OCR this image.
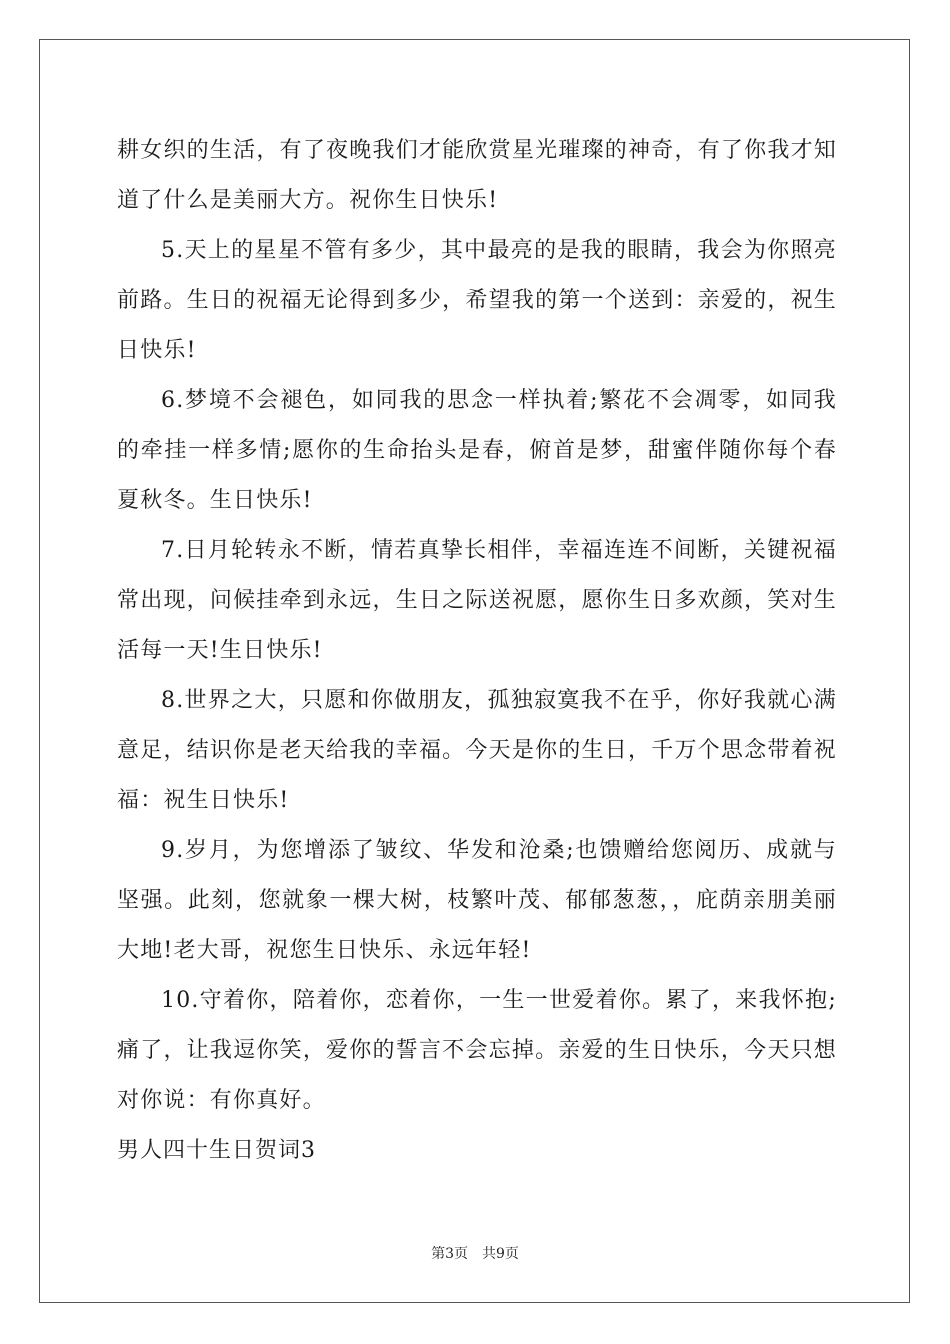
耕女织的生活，有了夜晚我们才能欣赏星光璀璨的神奇，有了你我才知道了什么是美丽大方。祝你生日快乐!

5.天上的星星不管有多少，其中最亮的是我的眼睛，我会为你照亮前路。生日的祝福无论得到多少，希望我的第一个送到：亲爱的，祝生日快乐!

6.梦境不会褪色，如同我的思念一样执着;繁花不会凋零，如同我的牵挂一样多情;愿你的生命抬头是春，俯首是梦，甜蜜伴随你每个春夏秋冬。生日快乐!

7.日月轮转永不断，情若真挚长相伴，幸福连连不间断，关键祝福常出现，问候挂牵到永远，生日之际送祝愿，愿你生日多欢颜，笑对生活每一天!生日快乐!

8.世界之大，只愿和你做朋友，孤独寂寞我不在乎，你好我就心满意足，结识你是老天给我的幸福。今天是你的生日，千万个思念带着祝福：祝生日快乐!

9.岁月，为您增添了皱纹、华发和沧桑;也馈赠给您阅历、成就与坚强。此刻，您就象一棵大树，枝繁叶茂、郁郁葱葱，，庇荫亲朋美丽大地!老大哥，祝您生日快乐、永远年轻!

10.守着你，陪着你，恋着你，一生一世爱着你。累了，来我怀抱;痛了，让我逗你笑，爱你的誓言不会忘掉。亲爱的生日快乐，今天只想对你说：有你真好。

男人四十生日贺词3

第3页 共9页
